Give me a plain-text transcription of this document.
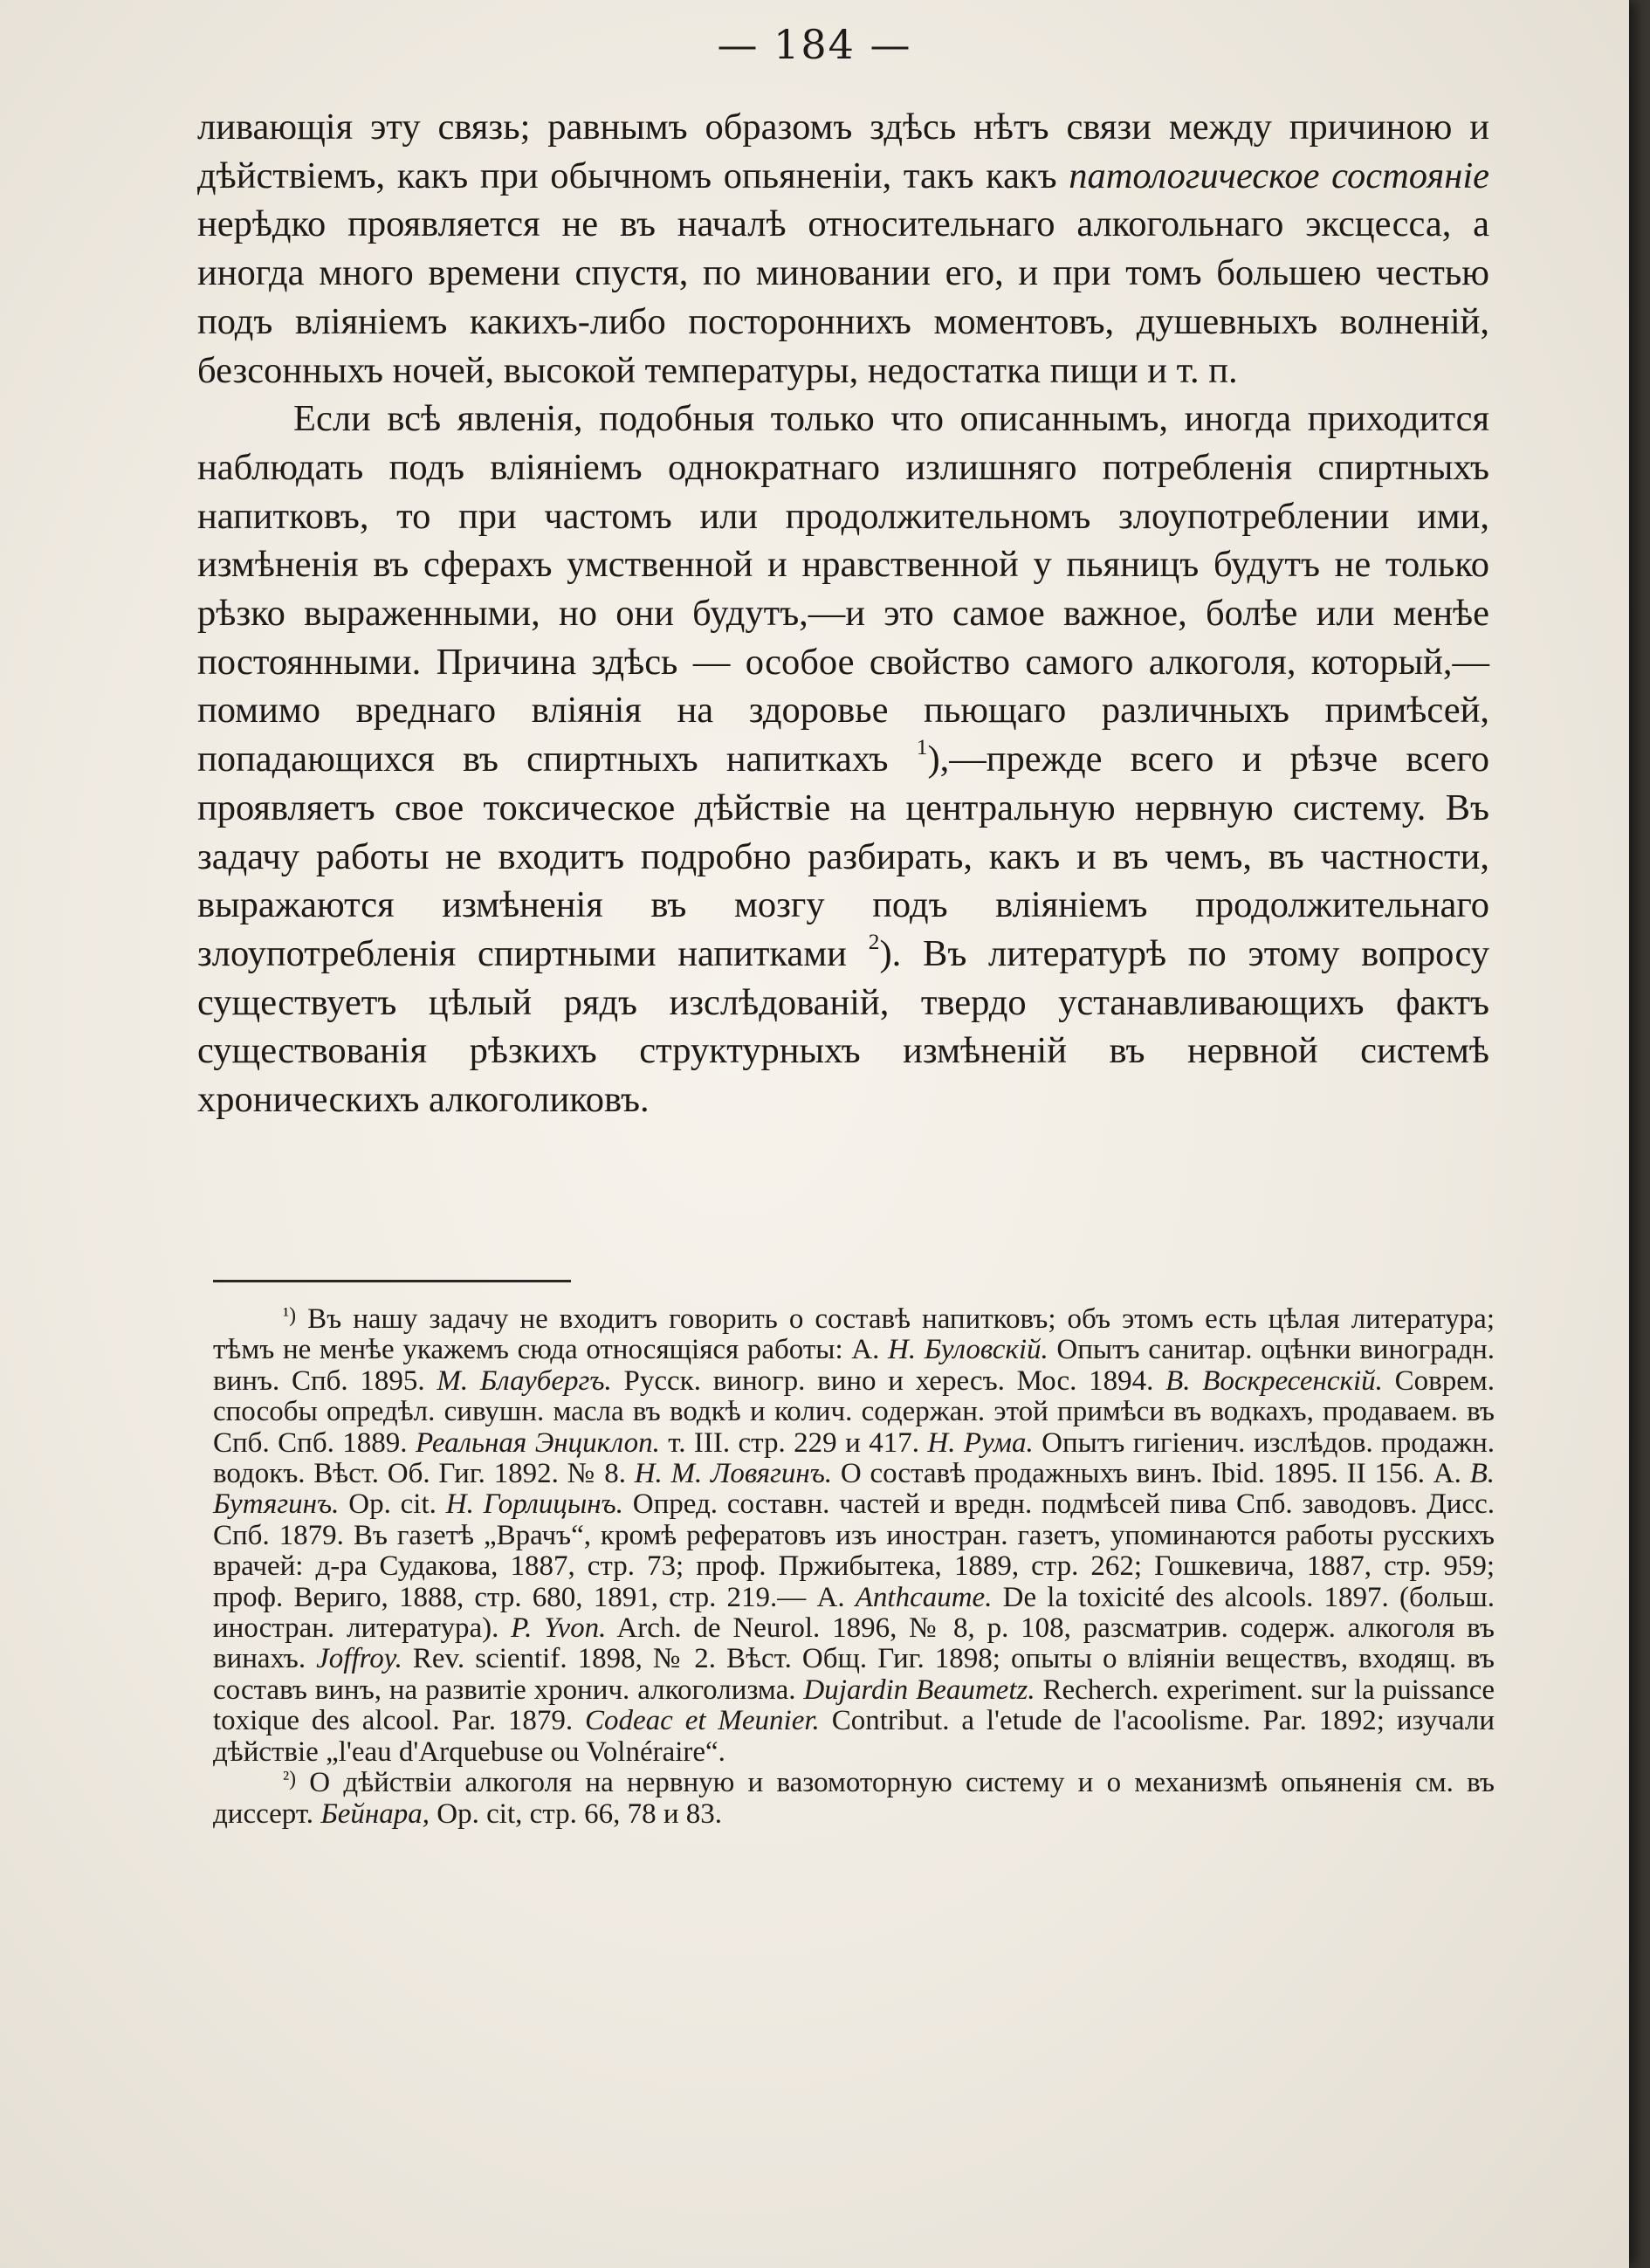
— 184 —

ливающія эту связь; равнымъ образомъ здѣсь нѣтъ связи между причиною и дѣйствіемъ, какъ при обычномъ опьяненіи, такъ какъ патологическое состояніе нерѣдко проявляется не въ началѣ относительнаго алкогольнаго эксцесса, а иногда много времени спустя, по миновании его, и при томъ большею честью подъ вліяніемъ какихъ-либо постороннихъ моментовъ, душевныхъ волненій, безсонныхъ ночей, высокой температуры, недостатка пищи и т. п.

Если всѣ явленія, подобныя только что описаннымъ, иногда приходится наблюдать подъ вліяніемъ однократнаго излишняго потребленія спиртныхъ напитковъ, то при частомъ или продолжительномъ злоупотреблении ими, измѣненія въ сферахъ умственной и нравственной у пьяницъ будутъ не только рѣзко выраженными, но они будутъ,—и это самое важное, болѣе или менѣе постоянными. Причина здѣсь — особое свойство самого алкоголя, который,—помимо вреднаго вліянія на здоровье пьющаго различныхъ примѣсей, попадающихся въ спиртныхъ напиткахъ $^1$),—прежде всего и рѣзче всего проявляетъ свое токсическое дѣйствіе на центральную нервную систему. Въ задачу работы не входитъ подробно разбирать, какъ и въ чемъ, въ частности, выражаются измѣненія въ мозгу подъ вліяніемъ продолжительнаго злоупотребленія спиртными напитками $^2$). Въ литературѣ по этому вопросу существуетъ цѣлый рядъ изслѣдованій, твердо устанавливающихъ фактъ существованія рѣзкихъ структурныхъ измѣненій въ нервной системѣ хроническихъ алкоголиковъ.

$^{^1)}$ Въ нашу задачу не входитъ говорить о составѣ напитковъ; объ этомъ есть цѣлая литература; тѣмъ не менѣе укажемъ сюда относящіяся работы: А. Н. Буловскій. Опытъ санитар. оцѣнки виноградн. винъ. Спб. 1895. М. Блаубергъ. Русск. виногр. вино и хересъ. Мос. 1894. В. Воскресенскій. Соврем. способы опредѣл. сивушн. масла въ водкѣ и колич. содержан. этой примѣси въ водкахъ, продаваем. въ Спб. Спб. 1889. Реальная Энциклоп. т. III. стр. 229 и 417. Н. Рума. Опытъ гигіенич. изслѣдов. продажн. водокъ. Вѣст. Об. Гиг. 1892. № 8. Н. М. Ловягинъ. О составѣ продажныхъ винъ. Ibid. 1895. II 156. А. В. Бутягинъ. Op. cit. Н. Горлицынъ. Опред. составн. частей и вредн. подмѣсей пива Спб. заводовъ. Дисс. Спб. 1879. Въ газетѣ „Врачъ“, кромѣ рефератовъ изъ иностран. газетъ, упоминаются работы русскихъ врачей: д-ра Судакова, 1887, стр. 73; проф. Пржибытека, 1889, стр. 262; Гошкевича, 1887, стр. 959; проф. Вериго, 1888, стр. 680, 1891, стр. 219.— А. Anthcaume. De la toxicité des alcools. 1897. (больш. иностран. литература). P. Yvon. Arch. de Neurol. 1896, № 8, p. 108, разсматрив. содерж. алкоголя въ винахъ. Joffroy. Rev. scientif. 1898, № 2. Вѣст. Общ. Гиг. 1898; опыты о вліяніи веществъ, входящ. въ составъ винъ, на развитіе хронич. алкоголизма. Dujardin Beaumetz. Recherch. experiment. sur la puissance toxique des alcool. Par. 1879. Codeac et Meunier. Contribut. a l'etude de l'acoolisme. Par. 1892; изучали дѣйствіе „l'eau d'Arquebuse ou Volnéraire“.

$^{^2)}$ О дѣйствіи алкоголя на нервную и вазомоторную систему и о механизмѣ опьяненія см. въ диссерт. Бейнара, Op. cit, стр. 66, 78 и 83.
